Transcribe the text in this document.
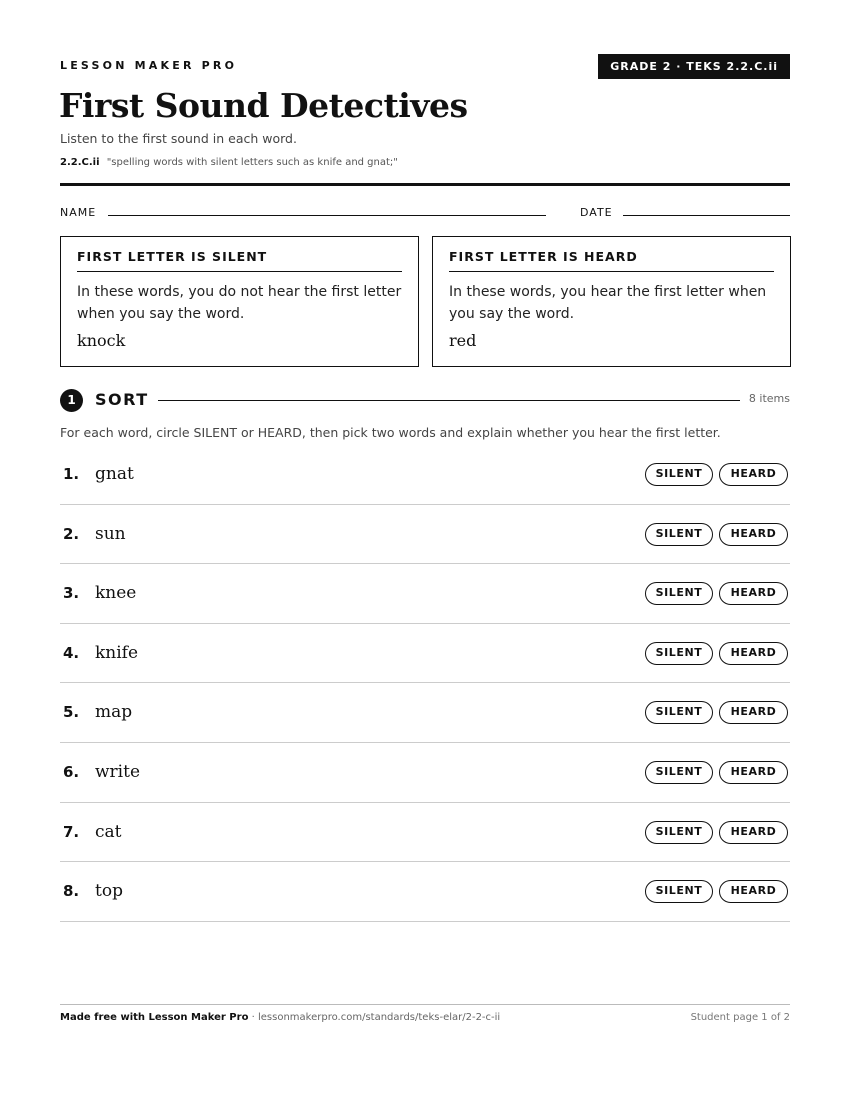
LESSON MAKER PRO	GRADE 2 · TEKS 2.2.C.ii
First Sound Detectives
Listen to the first sound in each word.
2.2.C.ii "spelling words with silent letters such as knife and gnat;"
NAME	DATE
FIRST LETTER IS SILENT
In these words, you do not hear the first letter when you say the word.
knock
FIRST LETTER IS HEARD
In these words, you hear the first letter when you say the word.
red
1	SORT	8 items
For each word, circle SILENT or HEARD, then pick two words and explain whether you hear the first letter.
1. gnat	SILENT	HEARD
2. sun	SILENT	HEARD
3. knee	SILENT	HEARD
4. knife	SILENT	HEARD
5. map	SILENT	HEARD
6. write	SILENT	HEARD
7. cat	SILENT	HEARD
8. top	SILENT	HEARD
Made free with Lesson Maker Pro · lessonmakerpro.com/standards/teks-elar/2-2-c-ii	Student page 1 of 2
